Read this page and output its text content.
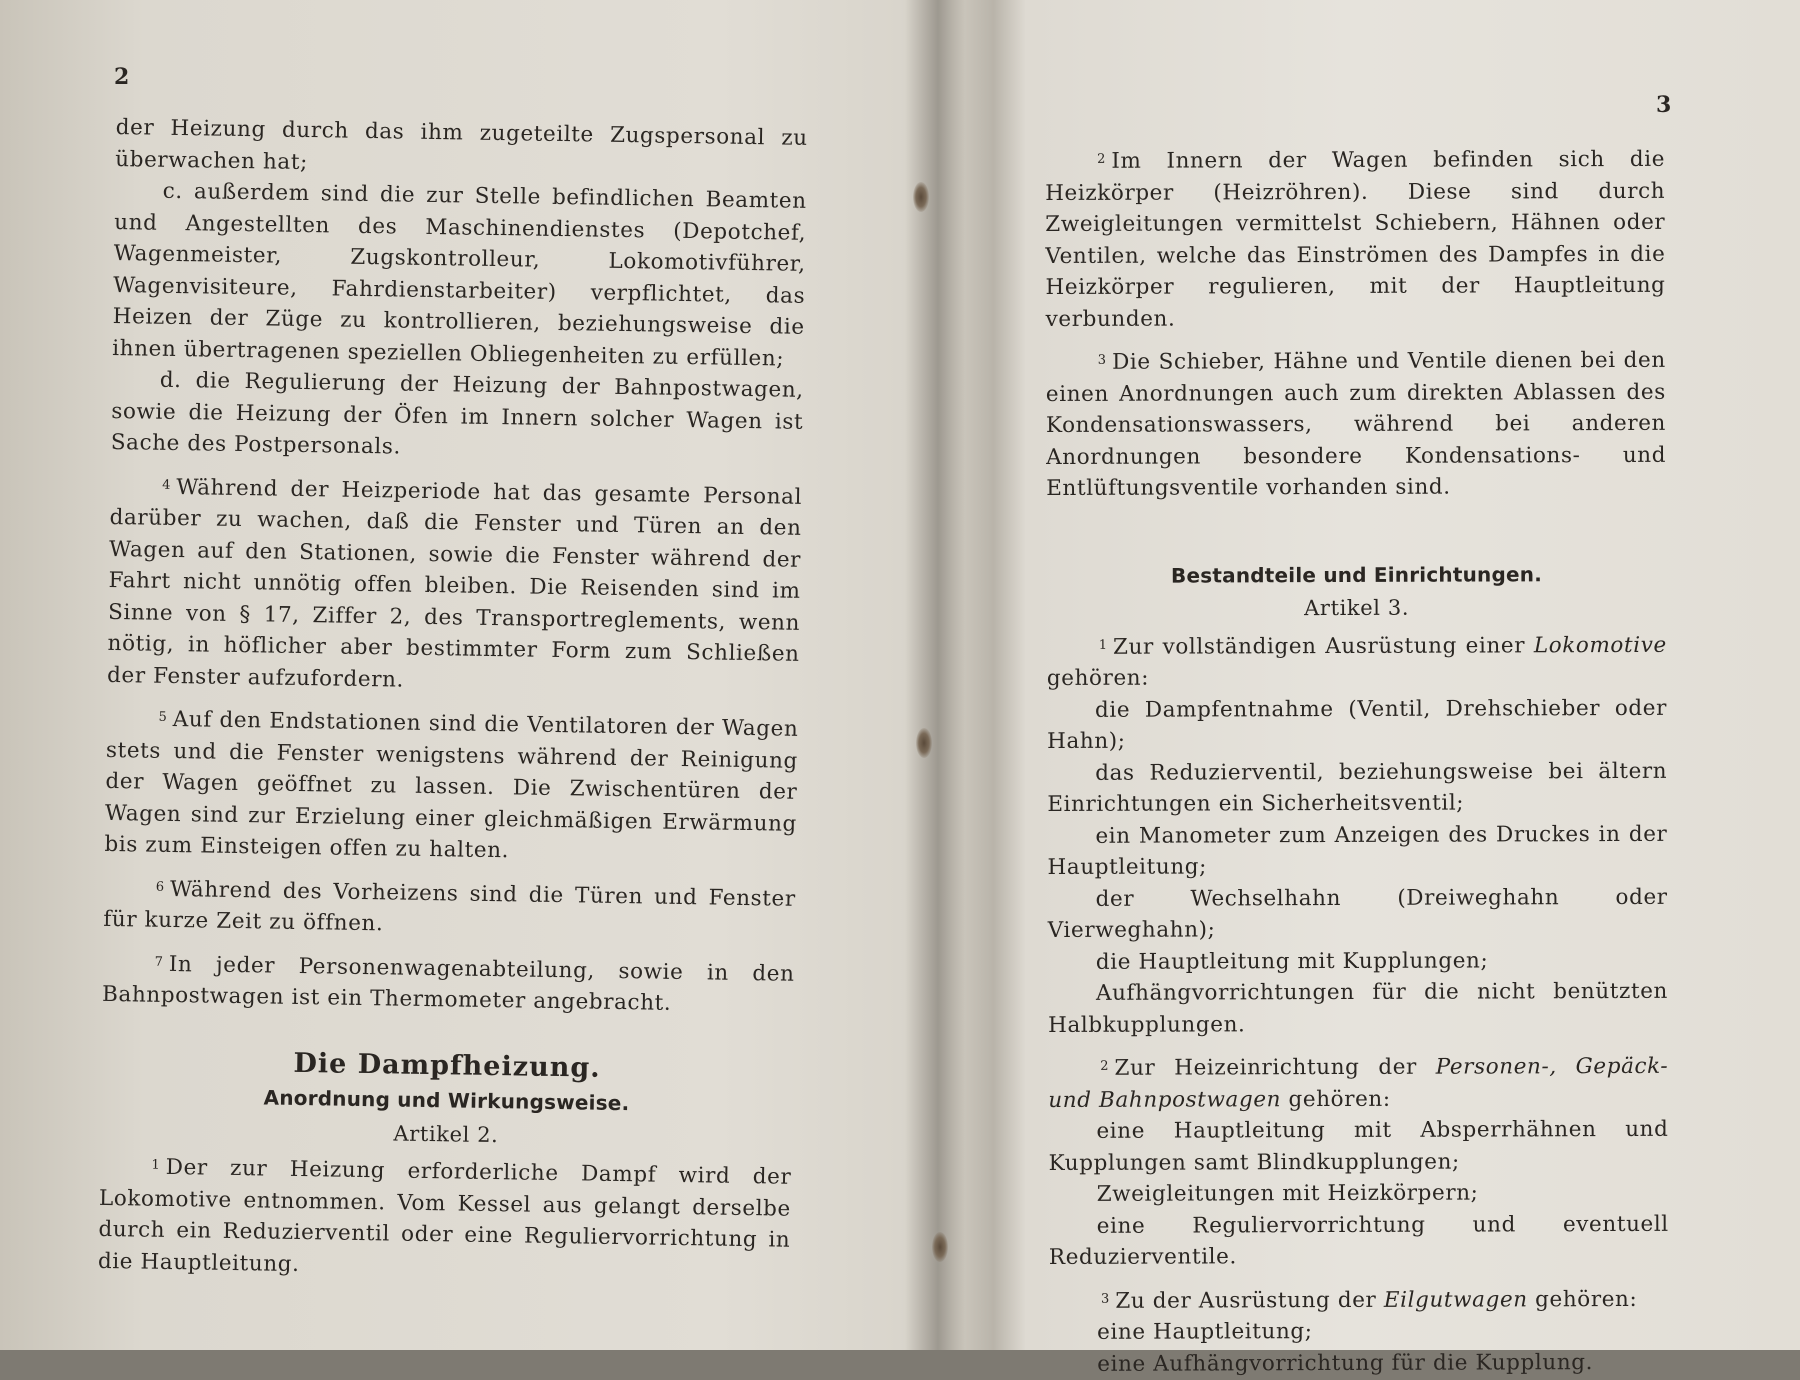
2

der Heizung durch das ihm zugeteilte Zugspersonal zu überwachen hat;

c. außerdem sind die zur Stelle befindlichen Beamten und Angestellten des Maschinendienstes (Depotchef, Wagenmeister, Zugskontrolleur, Lokomotivführer, Wagenvisiteure, Fahrdienstarbeiter) verpflichtet, das Heizen der Züge zu kontrollieren, beziehungsweise die ihnen übertragenen speziellen Obliegenheiten zu erfüllen;

d. die Regulierung der Heizung der Bahnpostwagen, sowie die Heizung der Öfen im Innern solcher Wagen ist Sache des Postpersonals.

$^4$ Während der Heizperiode hat das gesamte Personal darüber zu wachen, daß die Fenster und Türen an den Wagen auf den Stationen, sowie die Fenster während der Fahrt nicht unnötig offen bleiben. Die Reisenden sind im Sinne von § 17, Ziffer 2, des Transportreglements, wenn nötig, in höflicher aber bestimmter Form zum Schließen der Fenster aufzufordern.

$^5$ Auf den Endstationen sind die Ventilatoren der Wagen stets und die Fenster wenigstens während der Reinigung der Wagen geöffnet zu lassen. Die Zwischentüren der Wagen sind zur Erzielung einer gleichmäßigen Erwärmung bis zum Einsteigen offen zu halten.

$^6$ Während des Vorheizens sind die Türen und Fenster für kurze Zeit zu öffnen.

$^7$ In jeder Personenwagenabteilung, sowie in den Bahnpostwagen ist ein Thermometer angebracht.

Die Dampfheizung.

Anordnung und Wirkungsweise.

Artikel 2.

$^1$ Der zur Heizung erforderliche Dampf wird der Lokomotive entnommen. Vom Kessel aus gelangt derselbe durch ein Reduzierventil oder eine Reguliervorrichtung in die Hauptleitung.

3

$^2$ Im Innern der Wagen befinden sich die Heizkörper (Heizröhren). Diese sind durch Zweigleitungen vermittelst Schiebern, Hähnen oder Ventilen, welche das Einströmen des Dampfes in die Heizkörper regulieren, mit der Hauptleitung verbunden.

$^3$ Die Schieber, Hähne und Ventile dienen bei den einen Anordnungen auch zum direkten Ablassen des Kondensationswassers, während bei anderen Anordnungen besondere Kondensations- und Entlüftungsventile vorhanden sind.

Bestandteile und Einrichtungen.

Artikel 3.

$^1$ Zur vollständigen Ausrüstung einer Lokomotive gehören:

die Dampfentnahme (Ventil, Drehschieber oder Hahn);

das Reduzierventil, beziehungsweise bei ältern Einrichtungen ein Sicherheitsventil;

ein Manometer zum Anzeigen des Druckes in der Hauptleitung;

der Wechselhahn (Dreiweghahn oder Vierweghahn);

die Hauptleitung mit Kupplungen;

Aufhängvorrichtungen für die nicht benützten Halbkupplungen.

$^2$ Zur Heizeinrichtung der Personen-, Gepäck- und Bahnpostwagen gehören:

eine Hauptleitung mit Absperrhähnen und Kupplungen samt Blindkupplungen;

Zweigleitungen mit Heizkörpern;

eine Reguliervorrichtung und eventuell Reduzierventile.

$^3$ Zu der Ausrüstung der Eilgutwagen gehören:

eine Hauptleitung;

eine Aufhängvorrichtung für die Kupplung.
